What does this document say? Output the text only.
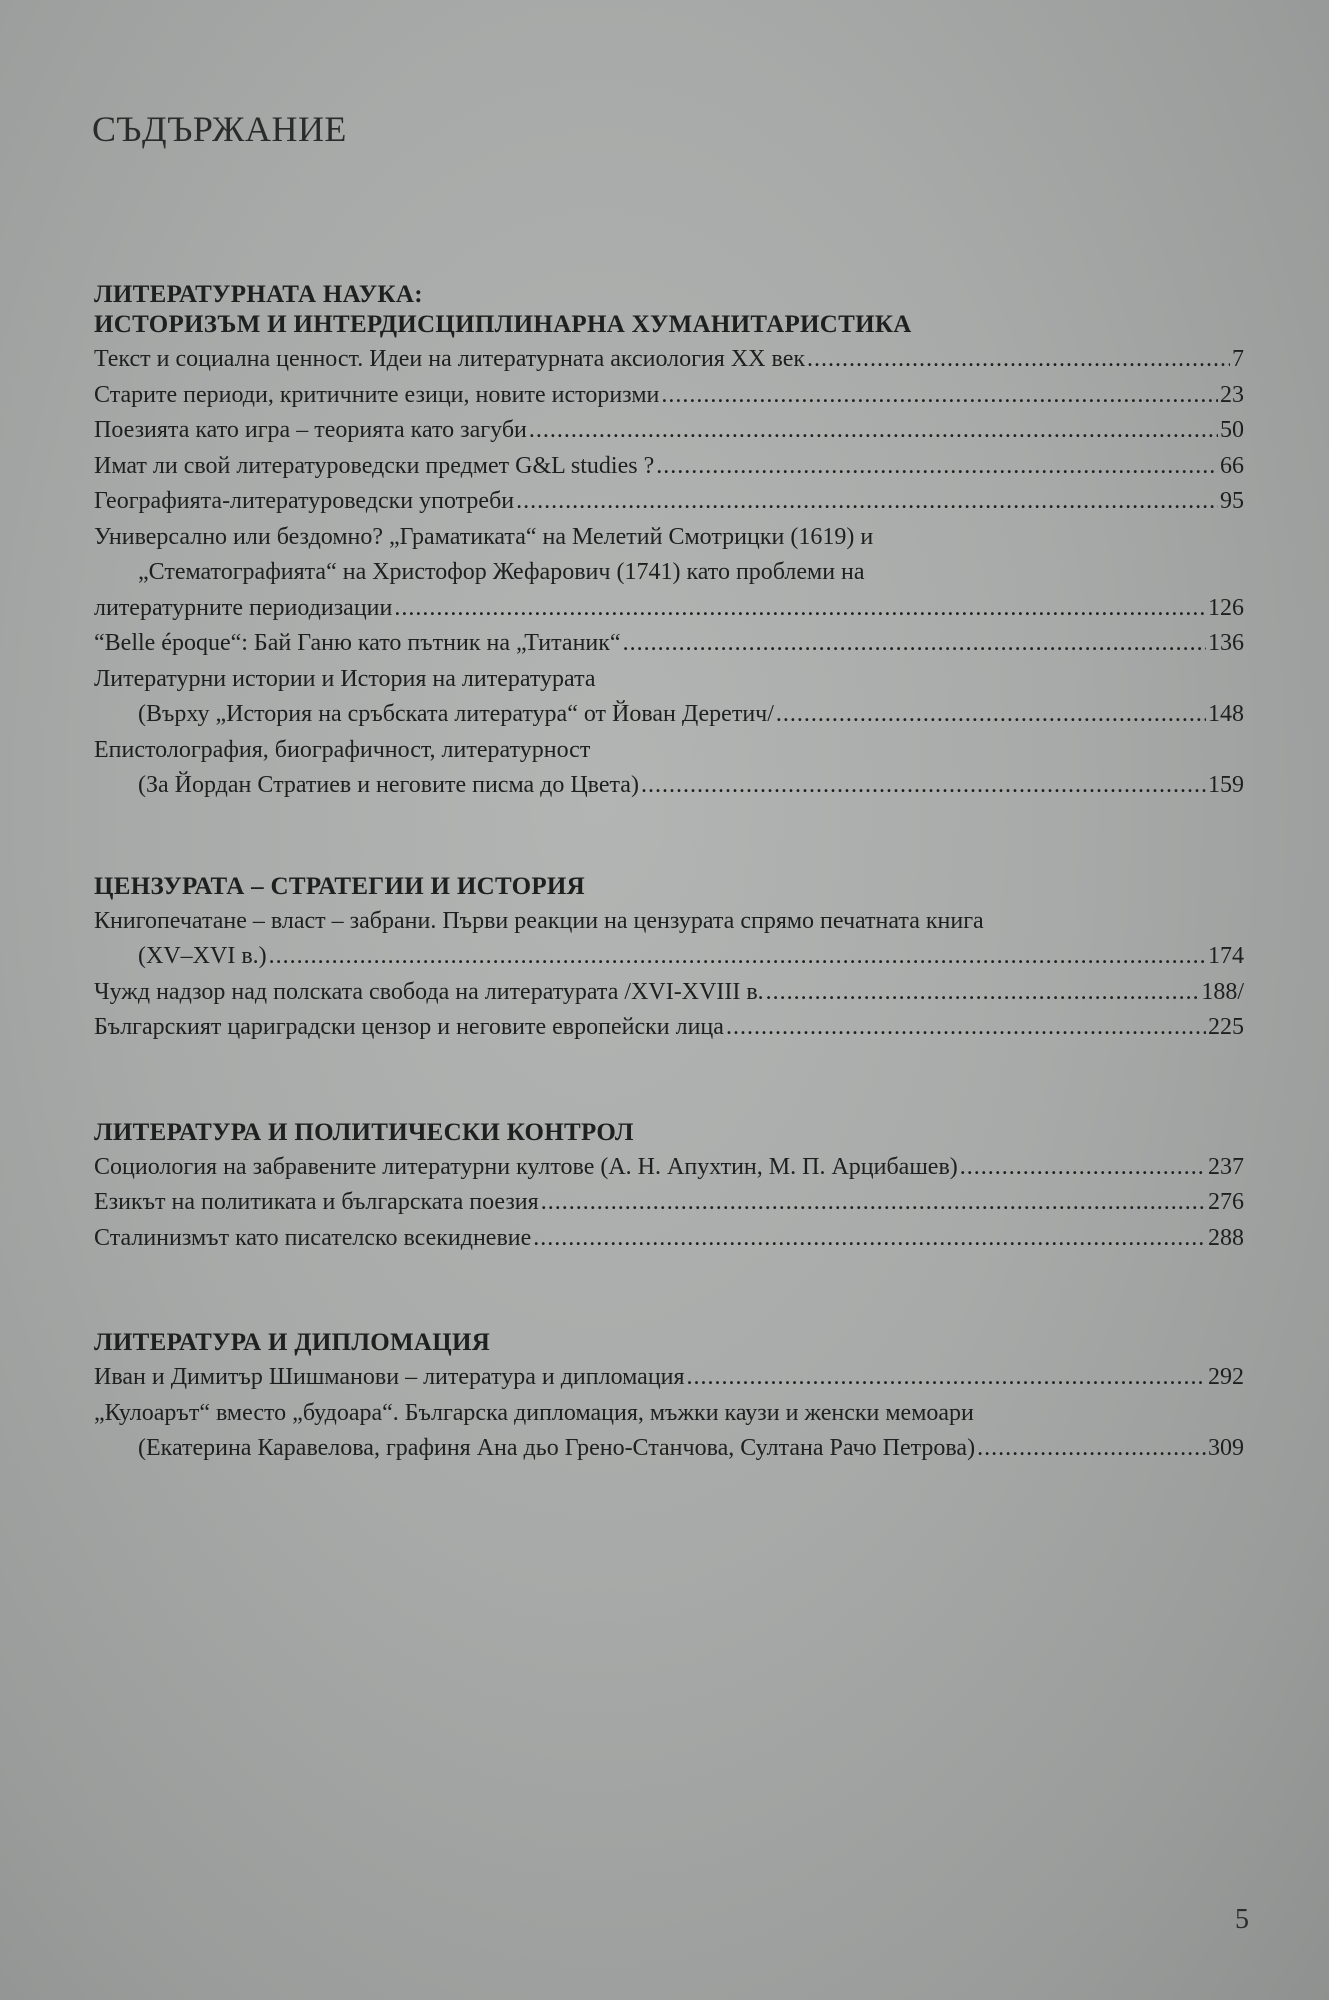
СЪДЪРЖАНИЕ
ЛИТЕРАТУРНАТА НАУКА:
ИСТОРИЗЪМ И ИНТЕРДИСЦИПЛИНАРНА ХУМАНИТАРИСТИКА
Текст и социална ценност. Идеи на литературната аксиология XX век .....	7
Старите периоди, критичните езици, новите историзми .....	23
Поезията като игра – теорията като загуби .....	50
Имат ли свой литературоведски предмет G&L studies ? .....	66
Географията-литературоведски употреби .....	95
Универсално или бездомно? „Граматиката“ на Мелетий Смотрицки (1619) и
„Стематографията“ на Христофор Жефарович (1741) като проблеми на
литературните периодизации .....	126
“Belle époque“: Бай Ганю като пътник на „Титаник“ .....	136
Литературни истории и История на литературата
(Върху „История на сръбската литература“ от Йован Деретич/ .....	148
Епистолография, биографичност, литературност
(За Йордан Стратиев и неговите писма до Цвета) .....	159
ЦЕНЗУРАТА – СТРАТЕГИИ И ИСТОРИЯ
Книгопечатане – власт – забрани. Първи реакции на цензурата спрямо печатната книга
(XV–XVI в.) .....	174
Чужд надзор над полската свобода на литературата /XVI-XVIII в. .....	188/
Българският цариградски цензор и неговите европейски лица .....	225
ЛИТЕРАТУРА И ПОЛИТИЧЕСКИ КОНТРОЛ
Социология на забравените литературни култове (А. Н. Апухтин, М. П. Арцибашев) .....	237
Езикът на политиката и българската поезия .....	276
Сталинизмът като писателско всекидневие .....	288
ЛИТЕРАТУРА И ДИПЛОМАЦИЯ
Иван и Димитър Шишманови – литература и дипломация .....	292
„Кулоарът“ вместо „будоара“. Българска дипломация, мъжки каузи и женски мемоари
(Екатерина Каравелова, графиня Ана дьо Грено-Станчова, Султана Рачо Петрова) .....	309
5
